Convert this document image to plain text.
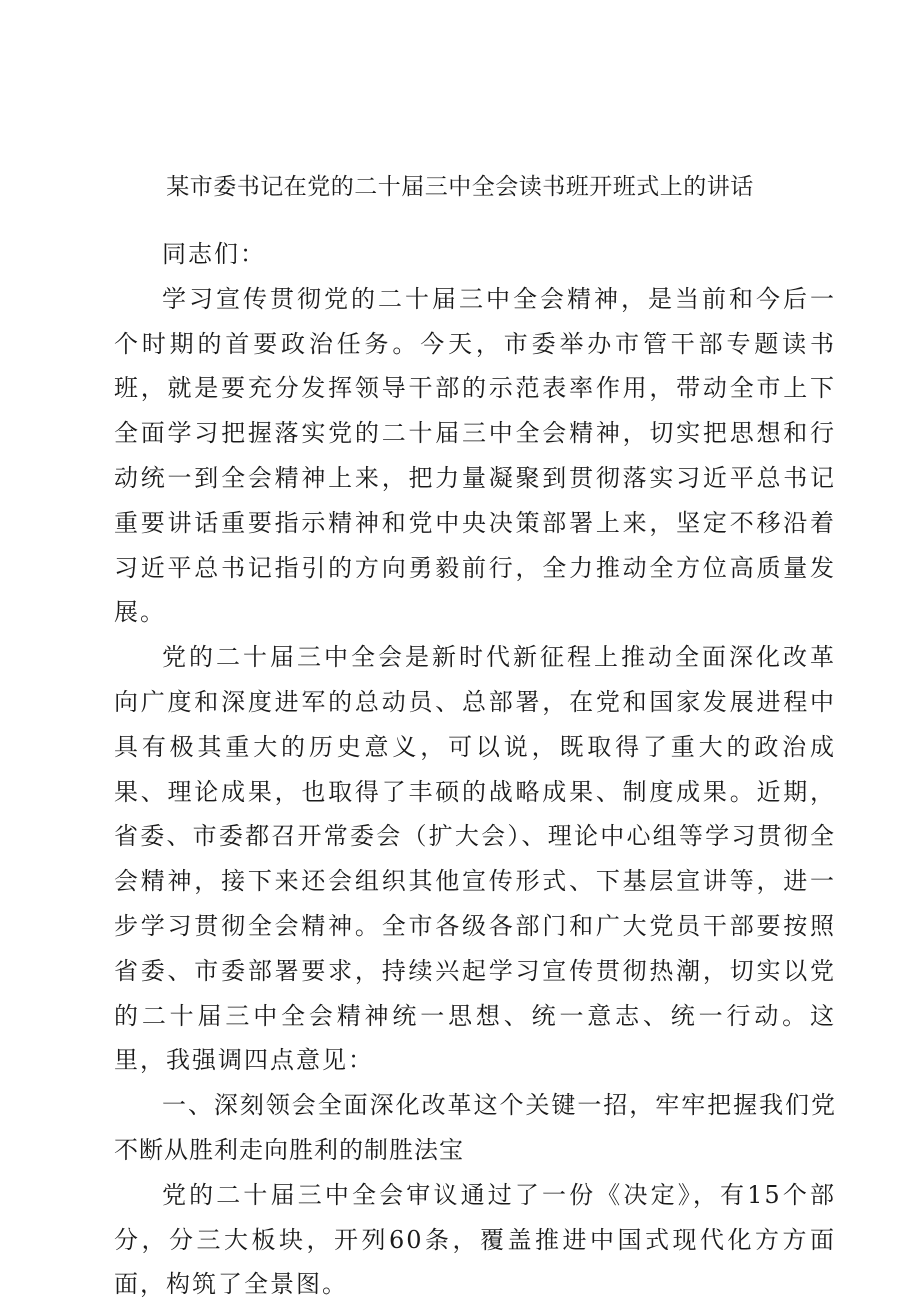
某市委书记在党的二十届三中全会读书班开班式上的讲话

同志们：

学习宣传贯彻党的二十届三中全会精神，是当前和今后一个时期的首要政治任务。今天，市委举办市管干部专题读书班，就是要充分发挥领导干部的示范表率作用，带动全市上下全面学习把握落实党的二十届三中全会精神，切实把思想和行动统一到全会精神上来，把力量凝聚到贯彻落实习近平总书记重要讲话重要指示精神和党中央决策部署上来，坚定不移沿着习近平总书记指引的方向勇毅前行，全力推动全方位高质量发展。

党的二十届三中全会是新时代新征程上推动全面深化改革向广度和深度进军的总动员、总部署，在党和国家发展进程中具有极其重大的历史意义，可以说，既取得了重大的政治成果、理论成果，也取得了丰硕的战略成果、制度成果。近期，省委、市委都召开常委会（扩大会）、理论中心组等学习贯彻全会精神，接下来还会组织其他宣传形式、下基层宣讲等，进一步学习贯彻全会精神。全市各级各部门和广大党员干部要按照省委、市委部署要求，持续兴起学习宣传贯彻热潮，切实以党的二十届三中全会精神统一思想、统一意志、统一行动。这里，我强调四点意见：

一、深刻领会全面深化改革这个关键一招，牢牢把握我们党不断从胜利走向胜利的制胜法宝

党的二十届三中全会审议通过了一份《决定》，有15个部分，分三大板块，开列60条，覆盖推进中国式现代化方方面面，构筑了全景图。
